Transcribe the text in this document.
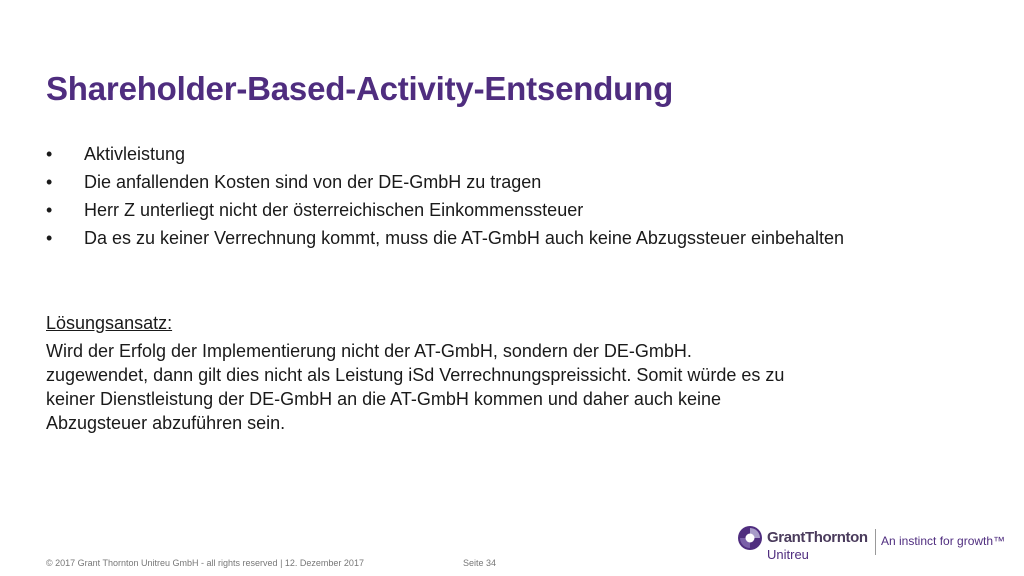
Shareholder-Based-Activity-Entsendung
• Aktivleistung
• Die anfallenden Kosten sind von der DE-GmbH zu tragen
• Herr Z unterliegt nicht der österreichischen Einkommenssteuer
• Da es zu keiner Verrechnung kommt, muss die AT-GmbH auch keine Abzugssteuer einbehalten
Lösungsansatz:
Wird der Erfolg der Implementierung nicht der AT-GmbH, sondern der DE-GmbH.
zugewendet, dann gilt dies nicht als Leistung iSd Verrechnungspreissicht. Somit würde es zu
keiner Dienstleistung der DE-GmbH an die AT-GmbH kommen und daher auch keine
Abzugsteuer abzuführen sein.
© 2017 Grant Thornton Unitreu GmbH - all rights reserved | 12. Dezember 2017	Seite 34
GrantThornton
Unitreu
An instinct for growth™
